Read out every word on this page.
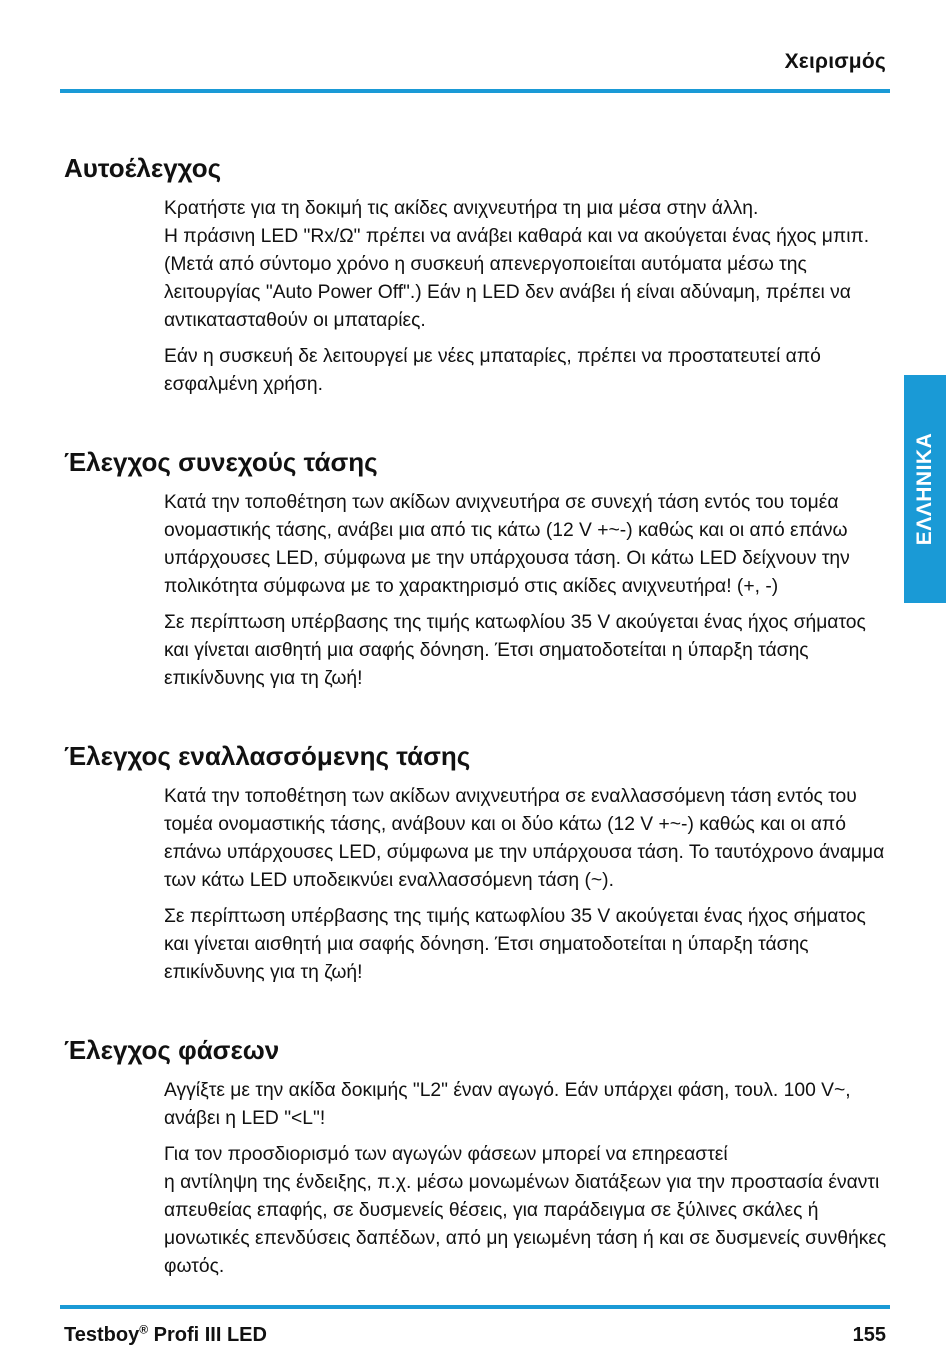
Χειρισμός
ΕΛΛΗΝΙΚΑ
Αυτοέλεγχος

Κρατήστε για τη δοκιμή τις ακίδες ανιχνευτήρα τη μια μέσα στην άλλη.
Η πράσινη LED "Rx/Ω" πρέπει να ανάβει καθαρά και να ακούγεται ένας ήχος μπιπ. (Μετά από σύντομο χρόνο η συσκευή απενεργοποιείται αυτόματα μέσω της λειτουργίας "Auto Power Off".) Εάν η LED δεν ανάβει ή είναι αδύναμη, πρέπει να αντικατασταθούν οι μπαταρίες.

Εάν η συσκευή δε λειτουργεί με νέες μπαταρίες, πρέπει να προστατευτεί από εσφαλμένη χρήση.

Έλεγχος συνεχούς τάσης

Κατά την τοποθέτηση των ακίδων ανιχνευτήρα σε συνεχή τάση εντός του τομέα ονομαστικής τάσης, ανάβει μια από τις κάτω (12 V +~-) καθώς και οι από επάνω υπάρχουσες LED, σύμφωνα με την υπάρχουσα τάση. Οι κάτω LED δείχνουν την πολικότητα σύμφωνα με το χαρακτηρισμό στις ακίδες ανιχνευτήρα! (+, -)

Σε περίπτωση υπέρβασης της τιμής κατωφλίου 35 V ακούγεται ένας ήχος σήματος και γίνεται αισθητή μια σαφής δόνηση. Έτσι σηματοδοτείται η ύπαρξη τάσης επικίνδυνης για τη ζωή!

Έλεγχος εναλλασσόμενης τάσης

Κατά την τοποθέτηση των ακίδων ανιχνευτήρα σε εναλλασσόμενη τάση εντός του τομέα ονομαστικής τάσης, ανάβουν και οι δύο κάτω (12 V +~-) καθώς και οι από επάνω υπάρχουσες LED, σύμφωνα με την υπάρχουσα τάση. Το ταυτόχρονο άναμμα των κάτω LED υποδεικνύει εναλλασσόμενη τάση (~).

Σε περίπτωση υπέρβασης της τιμής κατωφλίου 35 V ακούγεται ένας ήχος σήματος και γίνεται αισθητή μια σαφής δόνηση. Έτσι σηματοδοτείται η ύπαρξη τάσης επικίνδυνης για τη ζωή!

Έλεγχος φάσεων

Αγγίξτε με την ακίδα δοκιμής "L2" έναν αγωγό. Εάν υπάρχει φάση, τουλ. 100 V~, ανάβει η LED "<L"!

Για τον προσδιορισμό των αγωγών φάσεων μπορεί να επηρεαστεί
η αντίληψη της ένδειξης, π.χ. μέσω μονωμένων διατάξεων για την προστασία έναντι απευθείας επαφής, σε δυσμενείς θέσεις, για παράδειγμα σε ξύλινες σκάλες ή μονωτικές επενδύσεις δαπέδων, από μη γειωμένη τάση ή και σε δυσμενείς συνθήκες φωτός.

Testboy® Profi III LED	155
